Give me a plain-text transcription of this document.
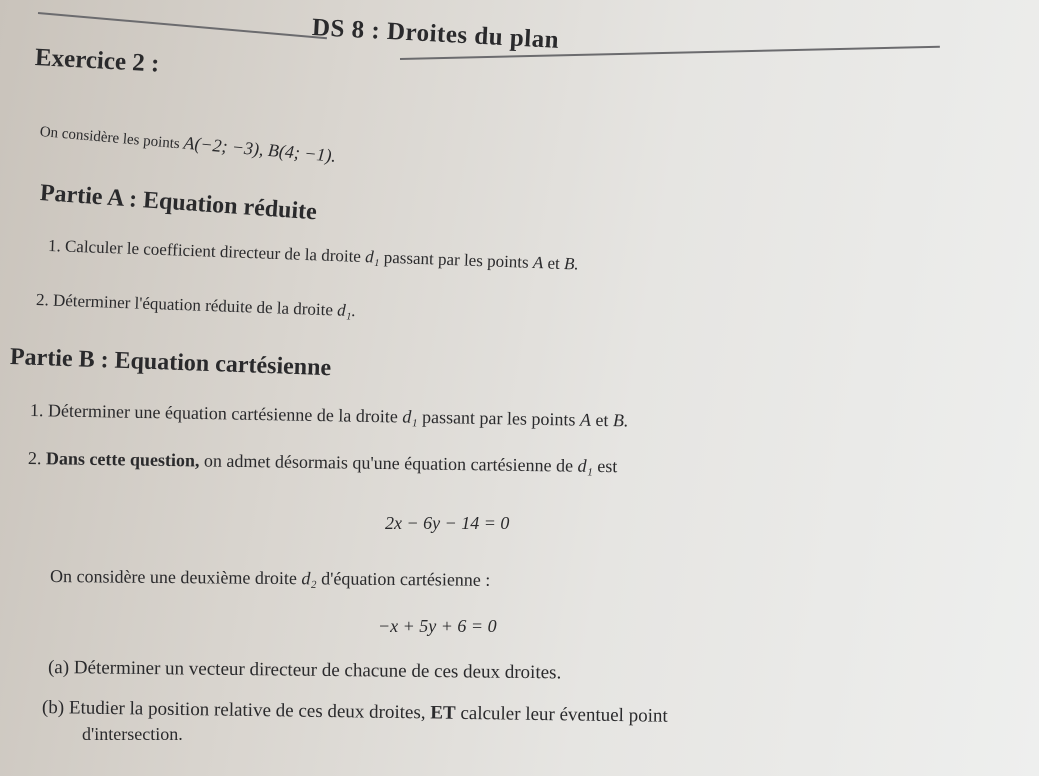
DS 8 : Droites du plan
Exercice 2 :
On considère les points A(−2; −3), B(4; −1).
Partie A : Equation réduite
1. Calculer le coefficient directeur de la droite d₁ passant par les points A et B.
2. Déterminer l'équation réduite de la droite d₁.
Partie B : Equation cartésienne
1. Déterminer une équation cartésienne de la droite d₁ passant par les points A et B.
2. Dans cette question, on admet désormais qu'une équation cartésienne de d₁ est
2x − 6y − 14 = 0
On considère une deuxième droite d₂ d'équation cartésienne :
−x + 5y + 6 = 0
(a) Déterminer un vecteur directeur de chacune de ces deux droites.
(b) Etudier la position relative de ces deux droites, ET calculer leur éventuel point
d'intersection.
